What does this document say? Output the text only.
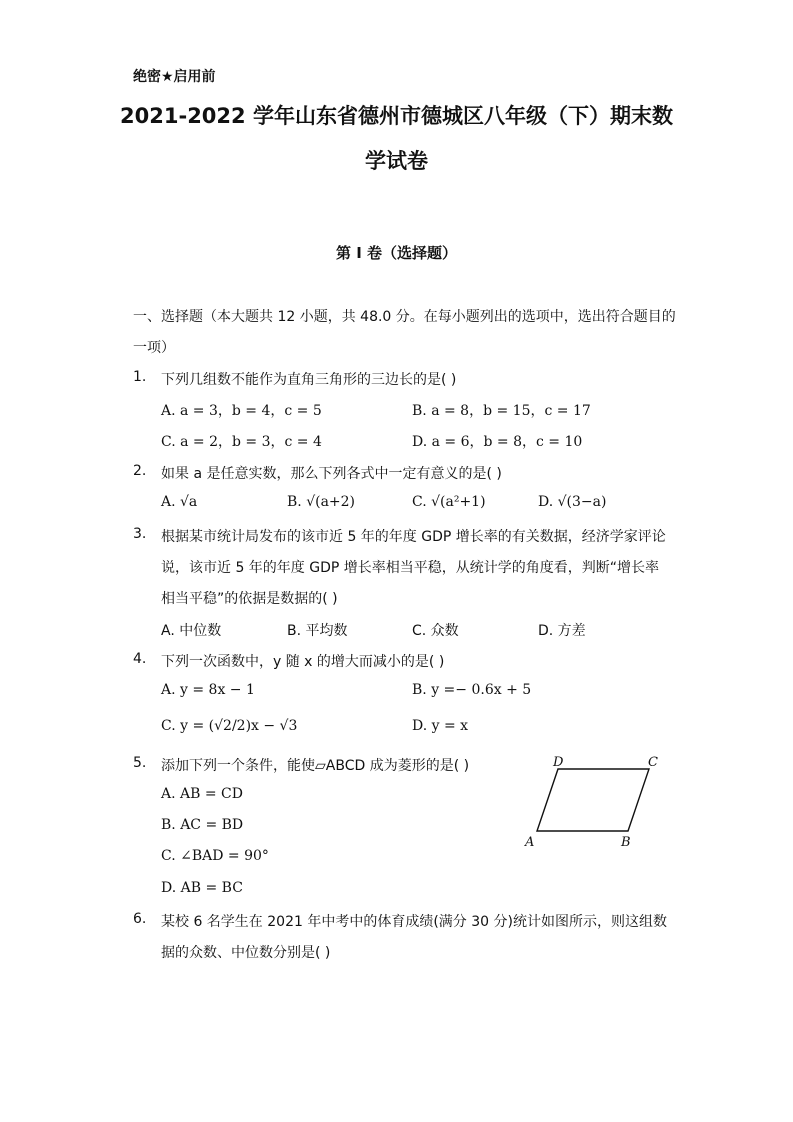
绝密★启用前
2021-2022 学年山东省德州市德城区八年级（下）期末数
学试卷
第 I 卷（选择题）
一、选择题（本大题共 12 小题，共 48.0 分。在每小题列出的选项中，选出符合题目的
一项）
1. 下列几组数不能作为直角三角形的三边长的是( )
A. a = 3，b = 4，c = 5	B. a = 8，b = 15，c = 17
C. a = 2，b = 3，c = 4	D. a = 6，b = 8，c = 10
2. 如果 a 是任意实数，那么下列各式中一定有意义的是( )
A. √a	B. √(a+2)	C. √(a²+1)	D. √(3−a)
3. 根据某市统计局发布的该市近 5 年的年度 GDP 增长率的有关数据，经济学家评论
说，该市近 5 年的年度 GDP 增长率相当平稳，从统计学的角度看，判断“增长率
相当平稳”的依据是数据的( )
A. 中位数	B. 平均数	C. 众数	D. 方差
4. 下列一次函数中，y 随 x 的增大而减小的是( )
A. y = 8x − 1	B. y =− 0.6x + 5
C. y = (√2/2)x − √3	D. y = x
5. 添加下列一个条件，能使▱ABCD 成为菱形的是( )
A. AB = CD
B. AC = BD
C. ∠BAD = 90°
D. AB = BC
D	C
A	B
6. 某校 6 名学生在 2021 年中考中的体育成绩(满分 30 分)统计如图所示，则这组数
据的众数、中位数分别是( )
